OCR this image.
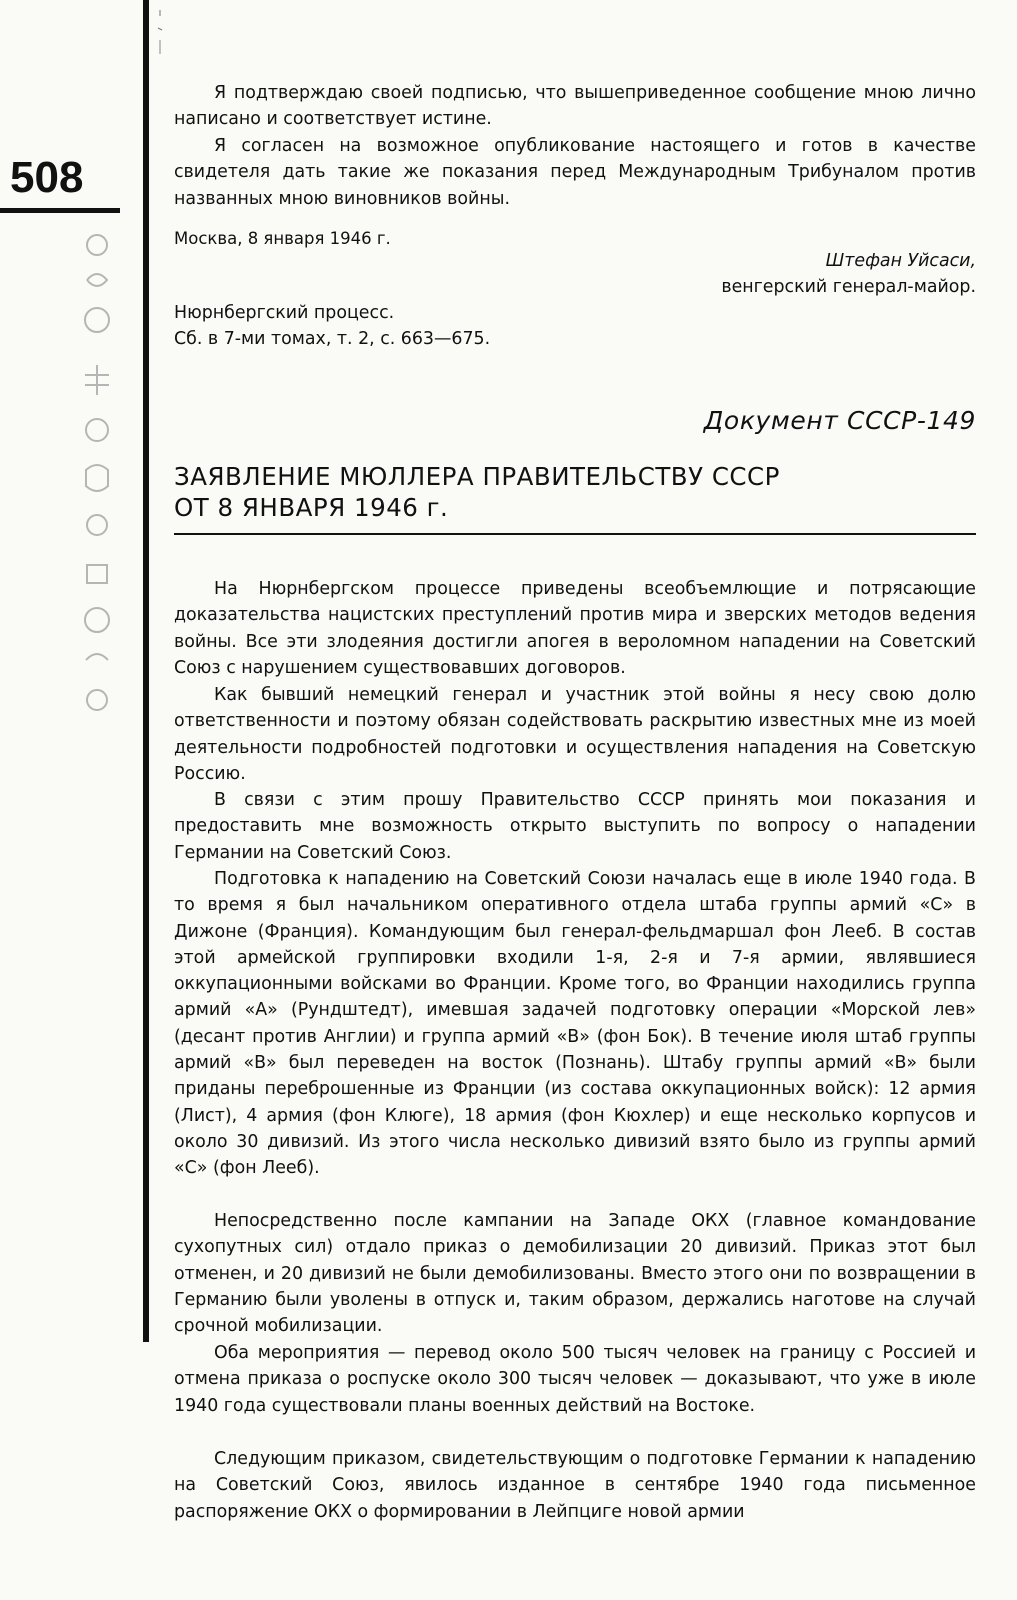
508

Я подтверждаю своей подписью, что вышеприведенное сообщение мною лично написано и соответствует истине.

Я согласен на возможное опубликование настоящего и готов в качестве свидетеля дать такие же показания перед Международным Трибуналом против названных мною виновников войны.

Москва, 8 января 1946 г.

Штефан Уйсаси,

венгерский генерал-майор.

Нюрнбергский процесс.

Сб. в 7-ми томах, т. 2, с. 663—675.

Документ СССР-149

ЗАЯВЛЕНИЕ МЮЛЛЕРА ПРАВИТЕЛЬСТВУ СССР
ОТ 8 ЯНВАРЯ 1946 г.

На Нюрнбергском процессе приведены всеобъемлющие и потрясающие доказательства нацистских преступлений против мира и зверских методов ведения войны. Все эти злодеяния достигли апогея в вероломном нападении на Советский Союз с нарушением существовавших договоров.

Как бывший немецкий генерал и участник этой войны я несу свою долю ответственности и поэтому обязан содействовать раскрытию известных мне из моей деятельности подробностей подготовки и осуществления нападения на Советскую Россию.

В связи с этим прошу Правительство СССР принять мои показания и предоставить мне возможность открыто выступить по вопросу о нападении Германии на Советский Союз.

Подготовка к нападению на Советский Союзи началась еще в июле 1940 года. В то время я был начальником оперативного отдела штаба группы армий «С» в Дижоне (Франция). Командующим был генерал-фельдмаршал фон Лееб. В состав этой армейской группировки входили 1-я, 2-я и 7-я армии, являвшиеся оккупационными войсками во Франции. Кроме того, во Франции находились группа армий «А» (Рундштедт), имевшая задачей подготовку операции «Морской лев» (десант против Англии) и группа армий «В» (фон Бок). В течение июля штаб группы армий «В» был переведен на восток (Познань). Штабу группы армий «В» были приданы переброшенные из Франции (из состава оккупационных войск): 12 армия (Лист), 4 армия (фон Клюге), 18 армия (фон Кюхлер) и еще несколько корпусов и около 30 дивизий. Из этого числа несколько дивизий взято было из группы армий «С» (фон Лееб).

Непосредственно после кампании на Западе ОКХ (главное командование сухопутных сил) отдало приказ о демобилизации 20 дивизий. Приказ этот был отменен, и 20 дивизий не были демобилизованы. Вместо этого они по возвращении в Германию были уволены в отпуск и, таким образом, держались наготове на случай срочной мобилизации.

Оба мероприятия — перевод около 500 тысяч человек на границу с Россией и отмена приказа о роспуске около 300 тысяч человек — доказывают, что уже в июле 1940 года существовали планы военных действий на Востоке.

Следующим приказом, свидетельствующим о подготовке Германии к нападению на Советский Союз, явилось изданное в сентябре 1940 года письменное распоряжение ОКХ о формировании в Лейпциге новой армии
